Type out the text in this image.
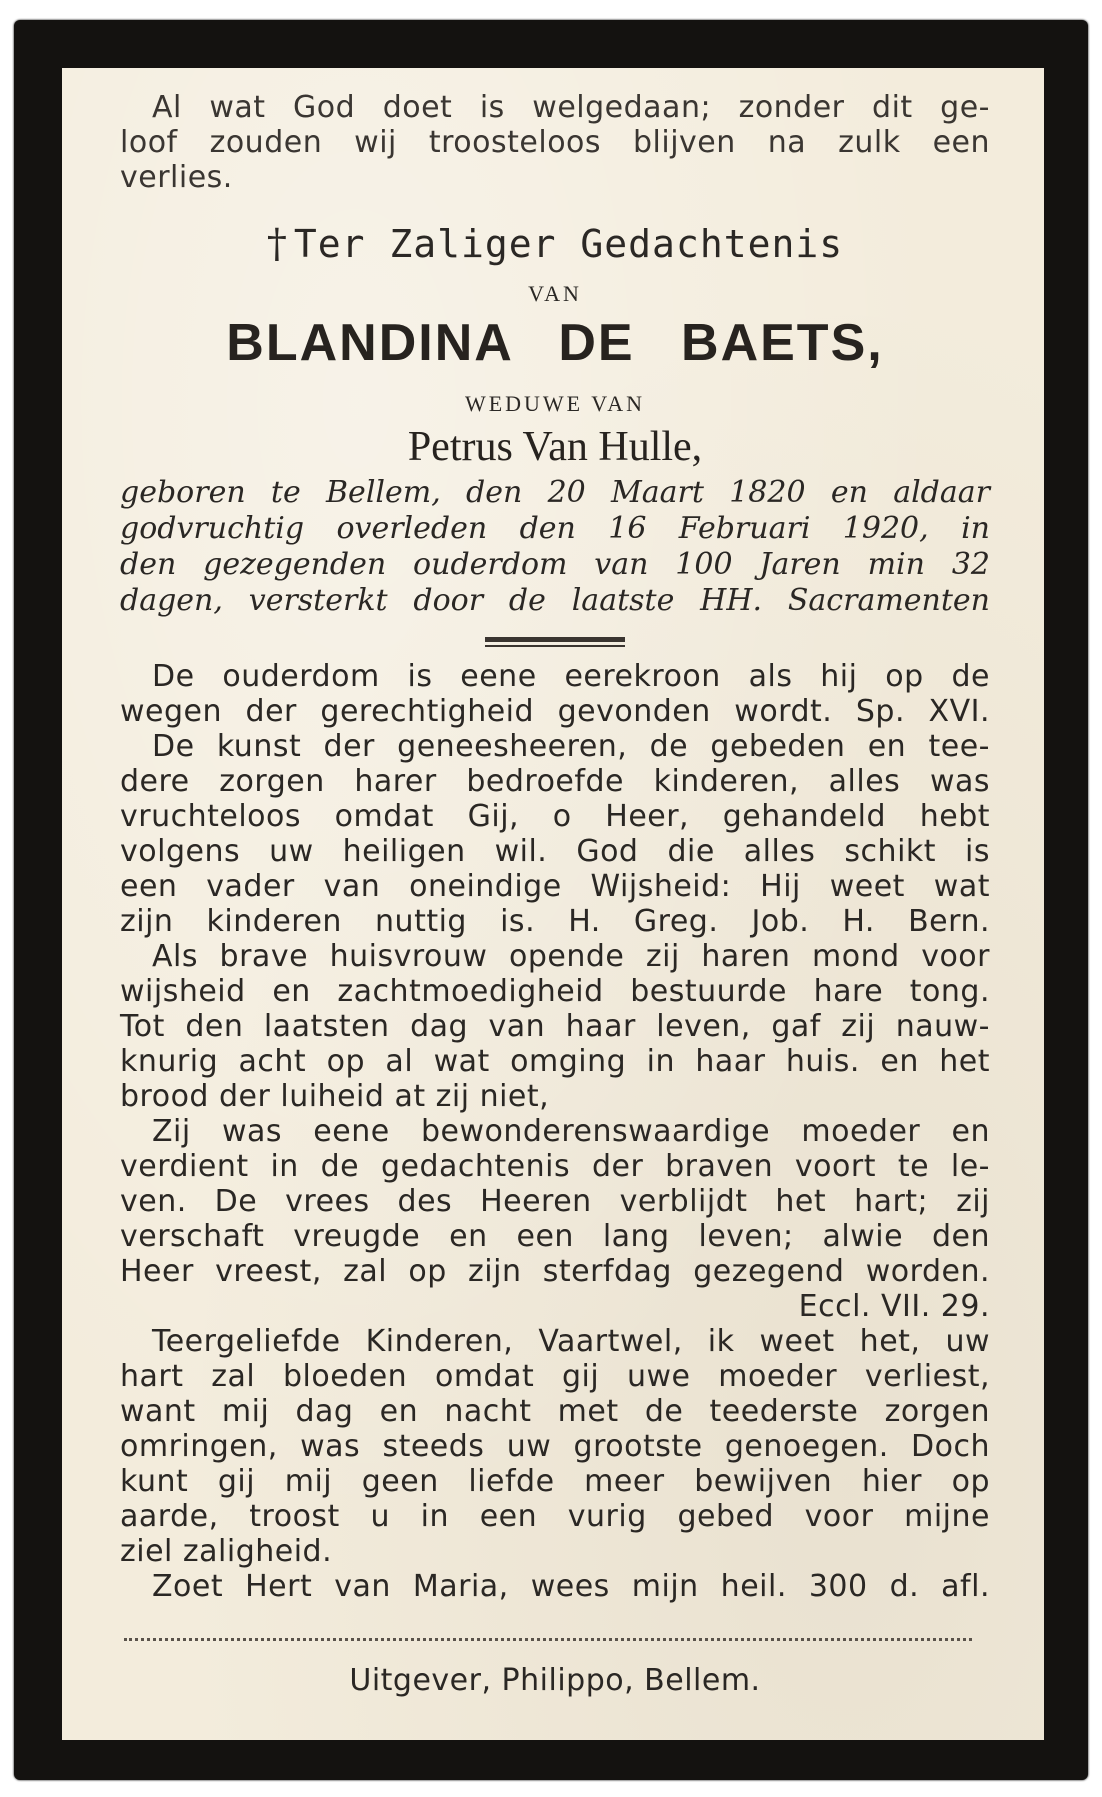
Al wat God doet is welgedaan; zonder dit ge-
loof zouden wij troosteloos blijven na zulk een
verlies.
† Ter Zaliger Gedachtenis
VAN
BLANDINA DE BAETS,
WEDUWE VAN
Petrus Van Hulle,
geboren te Bellem, den 20 Maart 1820 en aldaar
godvruchtig overleden den 16 Februari 1920, in
den gezegenden ouderdom van 100 Jaren min 32
dagen, versterkt door de laatste HH. Sacramenten
De ouderdom is eene eerekroon als hij op de
wegen der gerechtigheid gevonden wordt. Sp. XVI.
De kunst der geneesheeren, de gebeden en tee-
dere zorgen harer bedroefde kinderen, alles was
vruchteloos omdat Gij, o Heer, gehandeld hebt
volgens uw heiligen wil. God die alles schikt is
een vader van oneindige Wijsheid: Hij weet wat
zijn kinderen nuttig is. H. Greg. Job. H. Bern.
Als brave huisvrouw opende zij haren mond voor
wijsheid en zachtmoedigheid bestuurde hare tong.
Tot den laatsten dag van haar leven, gaf zij nauw-
knurig acht op al wat omging in haar huis. en het
brood der luiheid at zij niet,
Zij was eene bewonderenswaardige moeder en
verdient in de gedachtenis der braven voort te le-
ven. De vrees des Heeren verblijdt het hart; zij
verschaft vreugde en een lang leven; alwie den
Heer vreest, zal op zijn sterfdag gezegend worden.
Eccl. VII. 29.
Teergeliefde Kinderen, Vaartwel, ik weet het, uw
hart zal bloeden omdat gij uwe moeder verliest,
want mij dag en nacht met de teederste zorgen
omringen, was steeds uw grootste genoegen. Doch
kunt gij mij geen liefde meer bewijven hier op
aarde, troost u in een vurig gebed voor mijne
ziel zaligheid.
Zoet Hert van Maria, wees mijn heil. 300 d. afl.
Uitgever, Philippo, Bellem.
